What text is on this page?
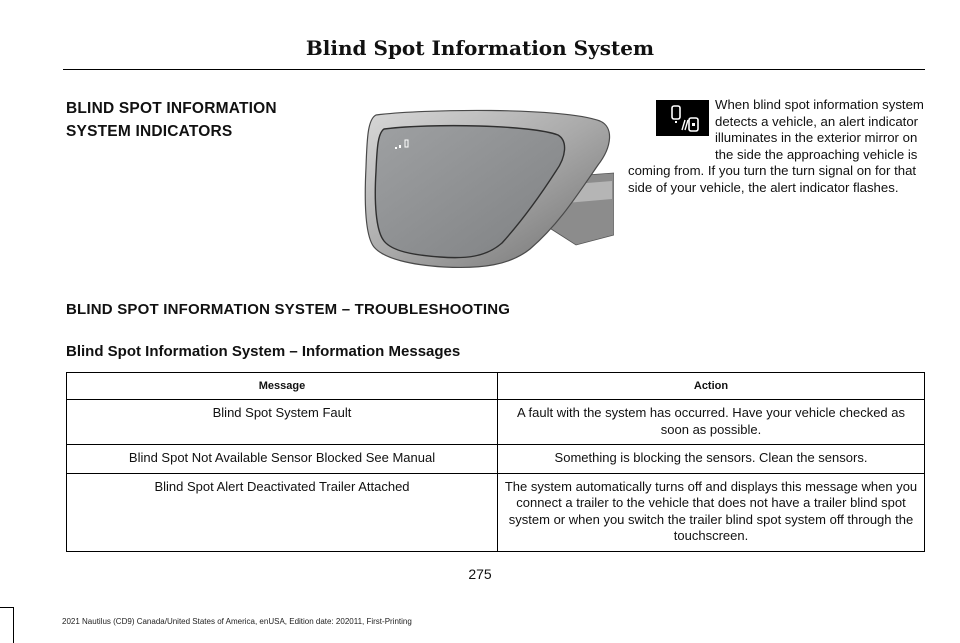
Blind Spot Information System
BLIND SPOT INFORMATION
SYSTEM INDICATORS
When blind spot information system detects a vehicle, an alert indicator illuminates in the exterior mirror on the side the approaching vehicle is coming from. If you turn the turn signal on for that side of your vehicle, the alert indicator flashes.
BLIND SPOT INFORMATION SYSTEM – TROUBLESHOOTING
Blind Spot Information System – Information Messages
Message	Action
Blind Spot System Fault	A fault with the system has occurred. Have your vehicle checked as soon as possible.
Blind Spot Not Available Sensor Blocked See Manual	Something is blocking the sensors. Clean the sensors.
Blind Spot Alert Deactivated Trailer Attached	The system automatically turns off and displays this message when you connect a trailer to the vehicle that does not have a trailer blind spot system or when you switch the trailer blind spot system off through the touchscreen.
275
2021 Nautilus (CD9) Canada/United States of America, enUSA, Edition date: 202011, First-Printing
